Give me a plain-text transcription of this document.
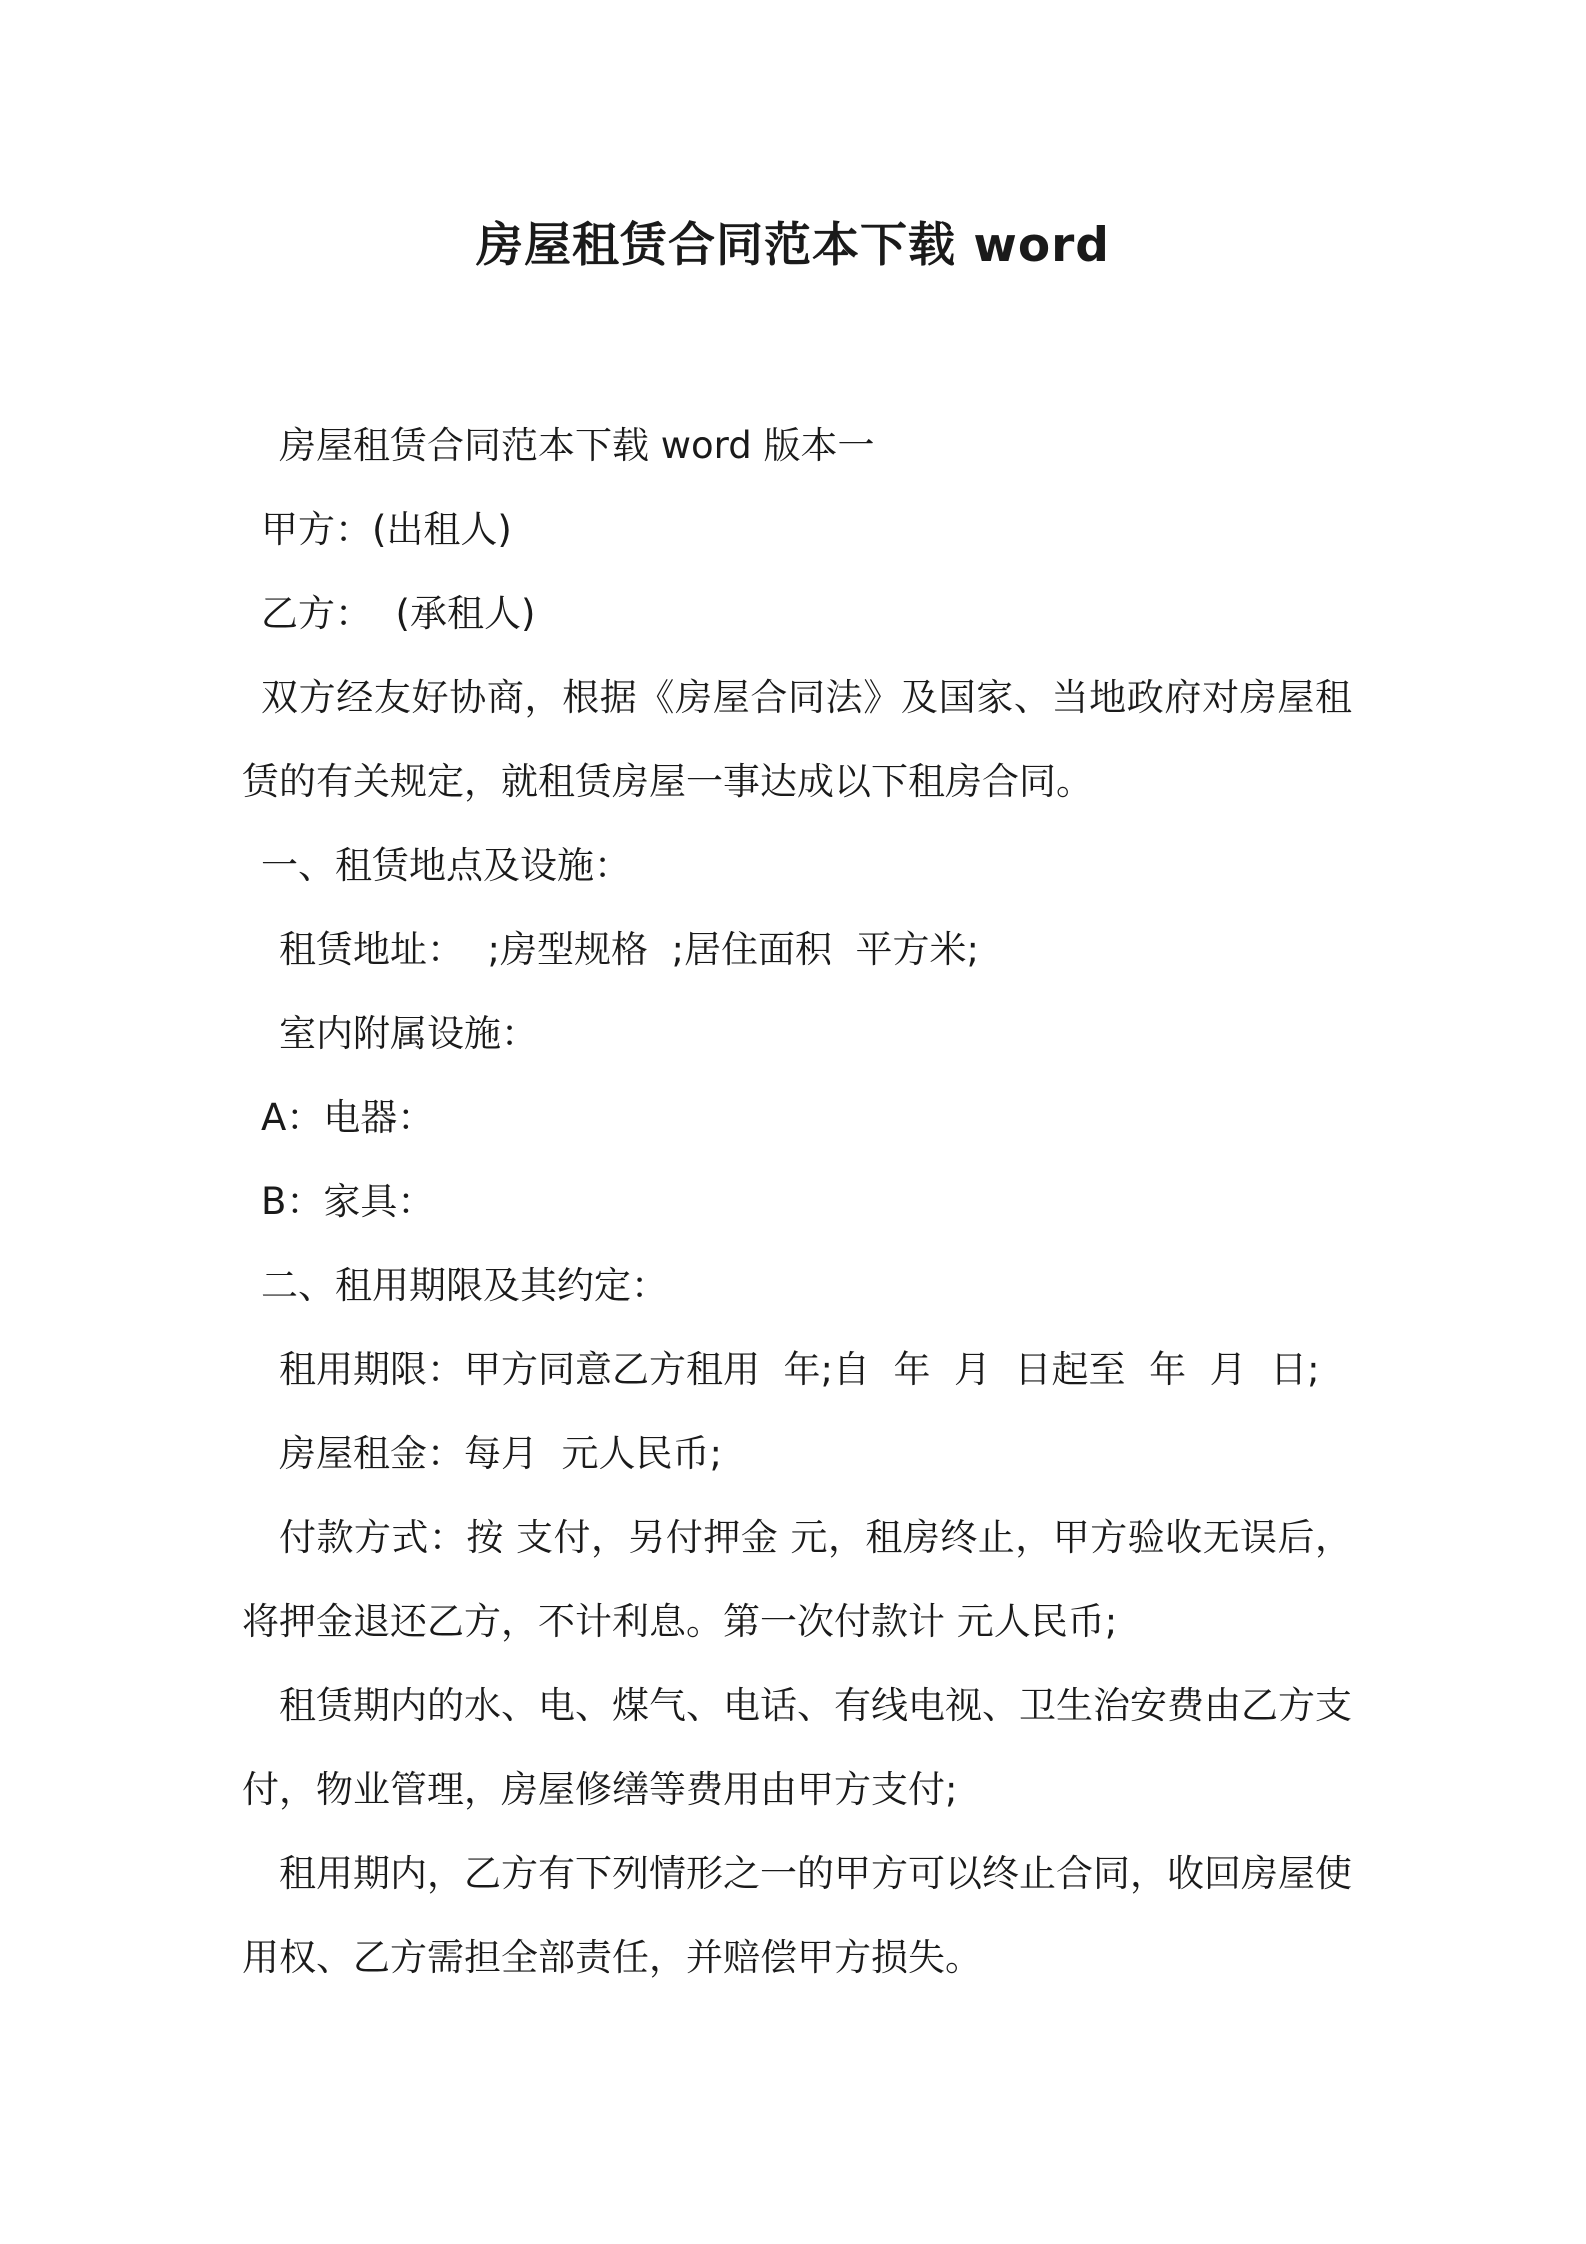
房屋租赁合同范本下载 word

房屋租赁合同范本下载 word 版本一

甲方：(出租人)

乙方：  (承租人)

双方经友好协商，根据《房屋合同法》及国家、当地政府对房屋租赁的有关规定，就租赁房屋一事达成以下租房合同。

一、租赁地点及设施：

租赁地址：  ;房型规格  ;居住面积  平方米;

室内附属设施：

A：电器：

B：家具：

二、租用期限及其约定：

租用期限：甲方同意乙方租用  年;自  年  月  日起至  年  月  日;

房屋租金：每月  元人民币;

付款方式：按 支付，另付押金 元，租房终止，甲方验收无误后，将押金退还乙方，不计利息。第一次付款计 元人民币;

租赁期内的水、电、煤气、电话、有线电视、卫生治安费由乙方支付，物业管理，房屋修缮等费用由甲方支付;

租用期内，乙方有下列情形之一的甲方可以终止合同，收回房屋使用权、乙方需担全部责任，并赔偿甲方损失。
